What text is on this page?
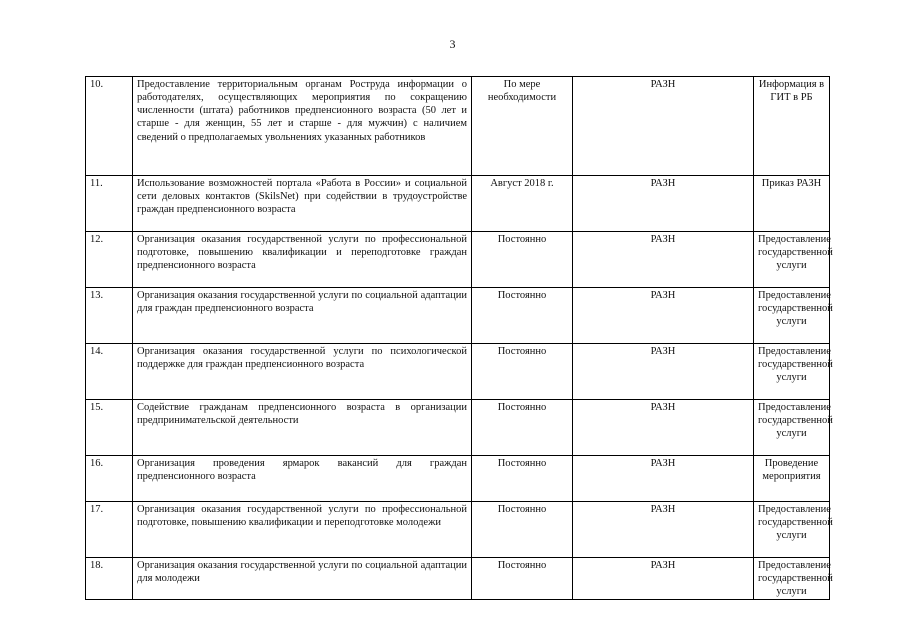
3
10.	Предоставление территориальным органам Роструда информации о работодателях, осуществляющих мероприятия по сокращению численности (штата) работников предпенсионного возраста (50 лет и старше - для женщин, 55 лет и старше - для мужчин) с наличием сведений о предполагаемых увольнениях указанных работников	По мере необходимости	РАЗН	Информация в ГИТ в РБ
11.	Использование возможностей портала «Работа в России» и социальной сети деловых контактов (SkilsNet) при содействии в трудоустройстве граждан предпенсионного возраста	Август 2018 г.	РАЗН	Приказ РАЗН
12.	Организация оказания государственной услуги по профессиональной подготовке, повышению квалификации и переподготовке граждан предпенсионного возраста	Постоянно	РАЗН	Предоставление государственной услуги
13.	Организация оказания государственной услуги по социальной адаптации для граждан предпенсионного возраста	Постоянно	РАЗН	Предоставление государственной услуги
14.	Организация оказания государственной услуги по психологической поддержке для граждан предпенсионного возраста	Постоянно	РАЗН	Предоставление государственной услуги
15.	Содействие гражданам предпенсионного возраста в организации предпринимательской деятельности	Постоянно	РАЗН	Предоставление государственной услуги
16.	Организация проведения ярмарок вакансий для граждан предпенсионного возраста	Постоянно	РАЗН	Проведение мероприятия
17.	Организация оказания государственной услуги по профессиональной подготовке, повышению квалификации и переподготовке молодежи	Постоянно	РАЗН	Предоставление государственной услуги
18.	Организация оказания государственной услуги по социальной адаптации для молодежи	Постоянно	РАЗН	Предоставление государственной услуги
